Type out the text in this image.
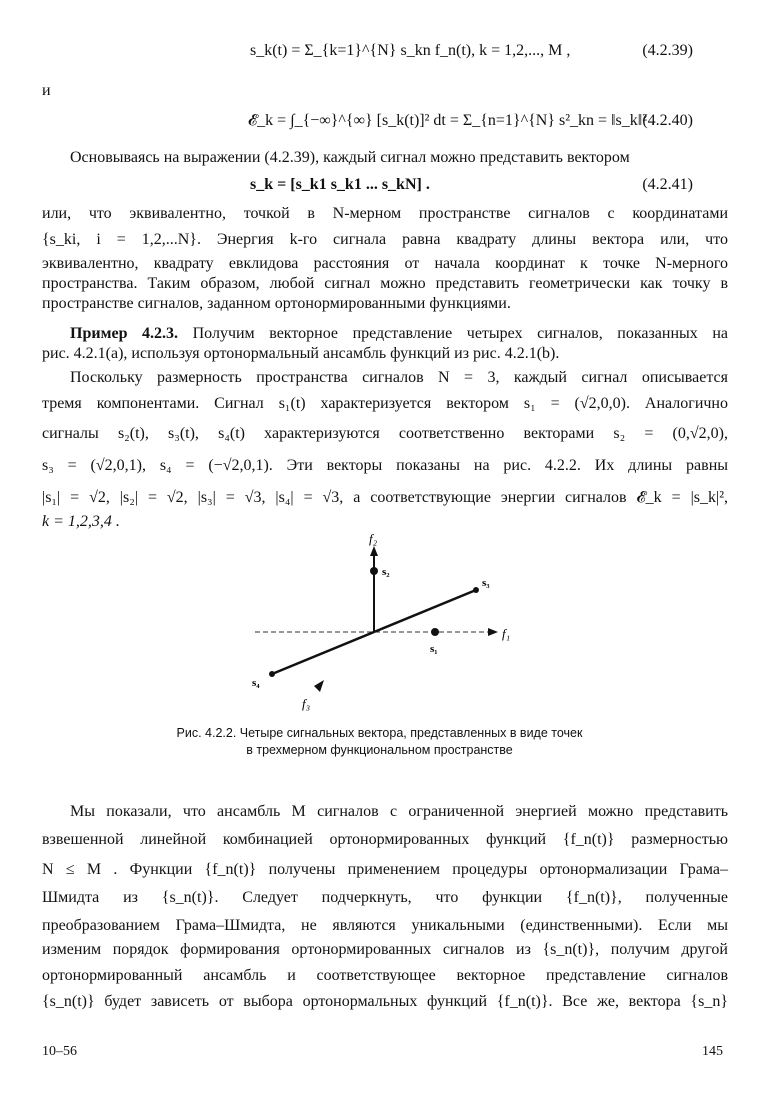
s_k(t) = Σ_{k=1}^{N} s_kn f_n(t), k = 1,2,..., M ,	(4.2.39)
и
𝓔_k = ∫_{−∞}^{∞} [s_k(t)]² dt = Σ_{n=1}^{N} s²_kn = ‖s_k‖² .
(4.2.40)
Основываясь на выражении (4.2.39), каждый сигнал можно представить вектором
s_k = [s_k1 s_k1 ... s_kN] .	(4.2.41)
или, что эквивалентно, точкой в N-мерном пространстве сигналов с координатами
{s_ki, i = 1,2,...N}. Энергия k-го сигнала равна квадрату длины вектора или, что
эквивалентно, квадрату евклидова расстояния от начала координат к точке N-мерного
пространства. Таким образом, любой сигнал можно представить геометрически как точку в
пространстве сигналов, заданном ортонормированными функциями.
Пример 4.2.3. Получим векторное представление четырех сигналов, показанных на
рис. 4.2.1(a), используя ортонормальный ансамбль функций из рис. 4.2.1(b).
Поскольку размерность пространства сигналов N = 3, каждый сигнал описывается
тремя компонентами. Сигнал s₁(t) характеризуется вектором s₁ = (√2,0,0). Аналогично
сигналы s₂(t), s₃(t), s₄(t) характеризуются соответственно векторами s₂ = (0,√2,0),
s₃ = (√2,0,1), s₄ = (−√2,0,1). Эти векторы показаны на рис. 4.2.2. Их длины равны
|s₁| = √2, |s₂| = √2, |s₃| = √3, |s₄| = √3, а соответствующие энергии сигналов 𝓔_k = |s_k|²,
k = 1,2,3,4 .
f₁
f₂
f₃
s₁
s₂
s₃
s₄
Рис. 4.2.2. Четыре сигнальных вектора, представленных в виде точек
в трехмерном функциональном пространстве
Мы показали, что ансамбль M сигналов с ограниченной энергией можно представить
взвешенной линейной комбинацией ортонормированных функций {f_n(t)} размерностью
N ≤ M . Функции {f_n(t)} получены применением процедуры ортонормализации Грама–
Шмидта из {s_n(t)}. Следует подчеркнуть, что функции {f_n(t)}, полученные
преобразованием Грама–Шмидта, не являются уникальными (единственными). Если мы
изменим порядок формирования ортонормированных сигналов из {s_n(t)}, получим другой
ортонормированный ансамбль и соответствующее векторное представление сигналов
{s_n(t)} будет зависеть от выбора ортонормальных функций {f_n(t)}. Все же, вектора {s_n}
10–56	145
